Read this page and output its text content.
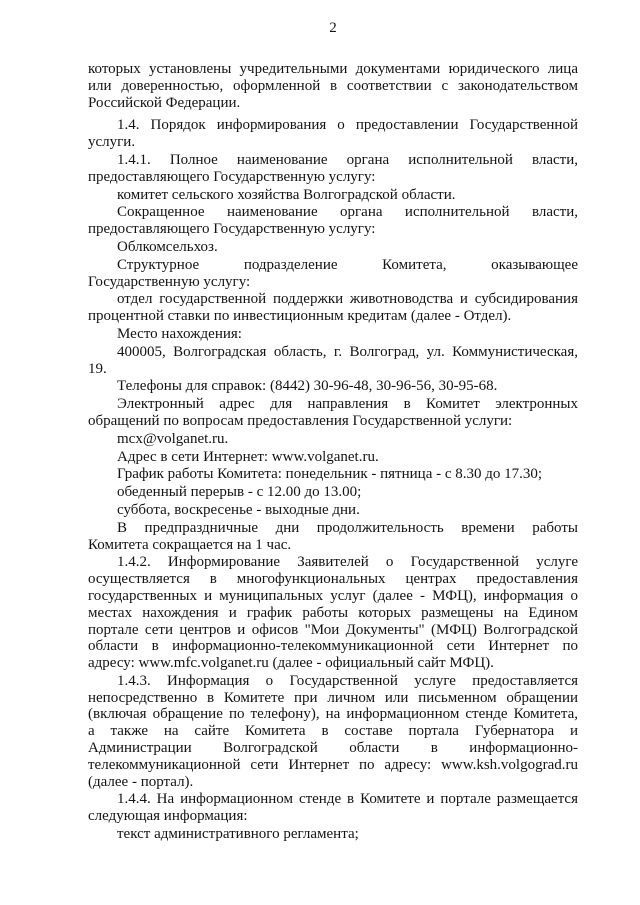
2
которых установлены учредительными документами юридического лица
или доверенностью, оформленной в соответствии с законодательством
Российской Федерации.
1.4. Порядок информирования о предоставлении Государственной
услуги.
1.4.1. Полное наименование органа исполнительной власти,
предоставляющего Государственную услугу:
комитет сельского хозяйства Волгоградской области.
Сокращенное наименование органа исполнительной власти,
предоставляющего Государственную услугу:
Облкомсельхоз.
Структурное подразделение Комитета, оказывающее
Государственную услугу:
отдел государственной поддержки животноводства и субсидирования
процентной ставки по инвестиционным кредитам (далее - Отдел).
Место нахождения:
400005, Волгоградская область, г. Волгоград, ул. Коммунистическая,
19.
Телефоны для справок: (8442) 30-96-48, 30-96-56, 30-95-68.
Электронный адрес для направления в Комитет электронных
обращений по вопросам предоставления Государственной услуги:
mcx@volganet.ru.
Адрес в сети Интернет: www.volganet.ru.
График работы Комитета: понедельник - пятница - с 8.30 до 17.30;
обеденный перерыв - с 12.00 до 13.00;
суббота, воскресенье - выходные дни.
В предпраздничные дни продолжительность времени работы
Комитета сокращается на 1 час.
1.4.2. Информирование Заявителей о Государственной услуге
осуществляется в многофункциональных центрах предоставления
государственных и муниципальных услуг (далее - МФЦ), информация о
местах нахождения и график работы которых размещены на Едином
портале сети центров и офисов "Мои Документы" (МФЦ) Волгоградской
области в информационно-телекоммуникационной сети Интернет по
адресу: www.mfc.volganet.ru (далее - официальный сайт МФЦ).
1.4.3. Информация о Государственной услуге предоставляется
непосредственно в Комитете при личном или письменном обращении
(включая обращение по телефону), на информационном стенде Комитета,
а также на сайте Комитета в составе портала Губернатора и
Администрации Волгоградской области в информационно-
телекоммуникационной сети Интернет по адресу: www.ksh.volgograd.ru
(далее - портал).
1.4.4. На информационном стенде в Комитете и портале размещается
следующая информация:
текст административного регламента;
